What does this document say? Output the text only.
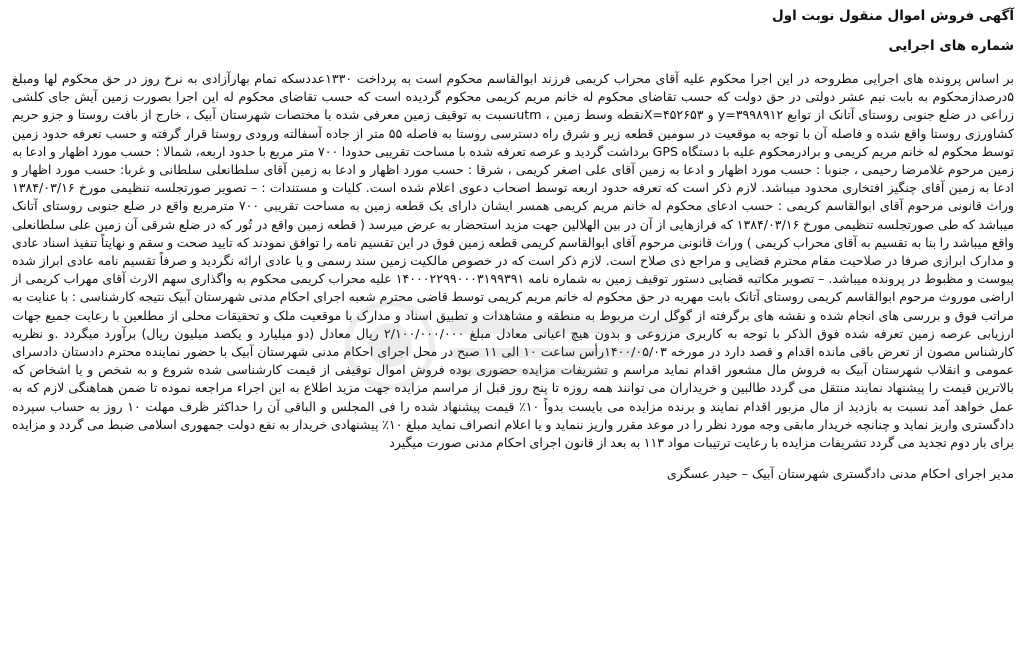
آگهی فروش اموال منقول نوبت اول

شماره های اجرایی

بر اساس پرونده های اجرایی مطروحه در این اجرا محکوم علیه آقای محراب کریمی فرزند ابوالقاسم محکوم است به پرداخت ۱۳۳۰عددسکه تمام بهارآزادی به نرخ روز در حق محکوم لها ومبلغ ۵درصدازمحکوم به بابت نیم عشر دولتی در حق دولت که حسب تقاضای محکوم له خانم مریم کریمی محکوم گردیده است که حسب تقاضای محکوم له این اجرا بصورت زمین آیش جای کلشی زراعی در ضلع جنوبی روستای آتانک از توابع ۳۹۹۸۹۱۲=y و ۴۵۲۶۵۳=Xنقطه وسط زمین ، utmنسبت به توقیف زمین معرفی شده با مختصات شهرستان آبیک ، خارج از بافت روستا و جزو حریم کشاورزی روستا واقع شده و فاصله آن با توجه به موقعیت در سومین قطعه زیر و شرق راه دسترسی روستا به فاصله ۵۵ متر از جاده آسفالته ورودی روستا قرار گرفته و حسب تعرفه حدود زمین توسط محکوم له خانم مریم کریمی و برادرمحکوم علیه با دستگاه GPS برداشت گردید و عرصه تعرفه شده با مساحت تقریبی حدودا ۷۰۰ متر مربع با حدود اربعه، شمالا : حسب مورد اظهار و ادعا به زمین مرحوم غلامرضا رحیمی ، جنوبا : حسب مورد اظهار و ادعا به زمین آقای علی اصغر کریمی ، شرقا : حسب مورد اظهار و ادعا به زمین آقای سلطانعلی سلطانی و غربا: حسب مورد اظهار و ادعا به زمین آقای چنگیز افتخاری محدود میباشد. لازم ذکر است که تعرفه حدود اربعه توسط اصحاب دعوی اعلام شده است. کلیات و مستندات : – تصویر صورتجلسه تنظیمی مورخ ۱۳۸۴/۰۳/۱۶ وراث قانونی مرحوم آقای ابوالقاسم کریمی : حسب ادعای محکوم له خانم مریم کریمی همسر ایشان دارای یک قطعه زمین به مساحت تقریبی ۷۰۰ مترمربع واقع در ضلع جنوبی روستای آتانک میباشد که طی صورتجلسه تنظیمی مورخ ۱۳۸۴/۰۳/۱۶ که فرازهایی از آن در بین الهلالین جهت مزید استحضار به عرض میرسد ( قطعه زمین واقع در تُور که در ضلع شرقی آن زمین علی سلطانعلی واقع میباشد را بنا به تقسیم به آقای محراب کریمی ) وراث قانونی مرحوم آقای ابوالقاسم کریمی قطعه زمین فوق در این تقسیم نامه را توافق نمودند که تایید صحت و سقم و نهایتاً تنفیذ اسناد عادی و مدارک ابرازی صرفا در صلاحیت مقام محترم قضایی و مراجع ذی صلاح است. لازم ذکر است که در خصوص مالکیت زمین سند رسمی و یا عادی ارائه نگردید و صرفاً تقسیم نامه عادی ابراز شده پیوست و مظبوط در پرونده میباشد. – تصویر مکاتبه قضایی دستور توقیف زمین به شماره نامه ۱۴۰۰۰۲۲۹۹۰۰۰۳۱۹۹۳۹۱ علیه محراب کریمی محکوم به واگذاری سهم الارث آقای مهراب کریمی از اراضی موروث مرحوم ابوالقاسم کریمی روستای آتانک بابت مهریه در حق محکوم له خانم مریم کریمی توسط قاضی محترم شعبه اجرای احکام مدنی شهرستان آبیک نتیجه کارشناسی : با عنایت به مراتب فوق و بررسی های انجام شده و نقشه های برگرفته از گوگل ارث مربوط به منطقه و مشاهدات و تطبیق اسناد و مدارک با موقعیت ملک و تحقیقات محلی از مطلعین با رعایت جمیع جهات ارزیابی عرصه زمین تعرفه شده فوق الذکر با توجه به کاربری مزروعی و بدون هیچ اعیانی معادل مبلغ ۲/۱۰۰/۰۰۰/۰۰۰ ریال معادل (دو میلیارد و یکصد میلیون ریال) برآورد میگردد .و نظریه کارشناس مصون از تعرض باقی مانده اقدام و قصد دارد در مورخه ۱۴۰۰/۰۵/۰۳رأس ساعت ۱۰ الی ۱۱ صبح در محل اجرای احکام مدنی شهرستان آبیک با حضور نماینده محترم دادستان دادسرای عمومی و انقلاب شهرستان آبیک به فروش مال مشعور اقدام نماید مراسم و تشریفات مزایده حضوری بوده فروش اموال توقیفی از قیمت کارشناسی شده شروع و به شخص و یا اشخاص که بالاترین قیمت را پیشنهاد نمایند منتقل می گردد طالبین و خریداران می توانند همه روزه تا پنج روز قبل از مراسم مزایده جهت مزید اطلاع به این اجراء مراجعه نموده تا ضمن هماهنگی لازم که به عمل خواهد آمد نسبت به بازدید از مال مزبور اقدام نمایند و برنده مزایده می بایست بدواً ۱۰٪ قیمت پیشنهاد شده را فی المجلس و الباقی آن را حداکثر ظرف مهلت ۱۰ روز به حساب سپرده دادگستری واریز نماید و چنانچه خریدار مابقی وجه مورد نظر را در موعد مقرر واریز ننماید و یا اعلام انصراف نماید مبلغ ۱۰٪ پیشنهادی خریدار به نفع دولت جمهوری اسلامی ضبط می گردد و مزایده برای بار دوم تجدید می گردد تشریفات مزایده با رعایت ترتیبات مواد ۱۱۳ به بعد از قانون اجرای احکام مدنی صورت میگیرد

مدیر اجرای احکام مدنی دادگستری شهرستان آبیک – حیدر عسگری
